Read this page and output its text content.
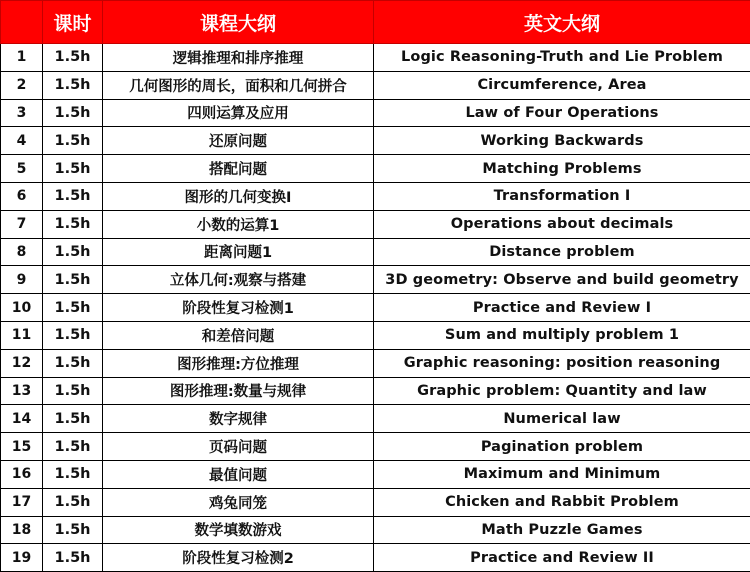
	课时	课程大纲	英文大纲
1	1.5h	逻辑推理和排序推理	Logic Reasoning-Truth and Lie Problem
2	1.5h	几何图形的周长，面积和几何拼合	Circumference, Area
3	1.5h	四则运算及应用	Law of Four Operations
4	1.5h	还原问题	Working Backwards
5	1.5h	搭配问题	Matching Problems
6	1.5h	图形的几何变换I	Transformation I
7	1.5h	小数的运算1	Operations about decimals
8	1.5h	距离问题1	Distance problem
9	1.5h	立体几何:观察与搭建	3D geometry: Observe and build geometry
10	1.5h	阶段性复习检测1	Practice and Review I
11	1.5h	和差倍问题	Sum and multiply problem 1
12	1.5h	图形推理:方位推理	Graphic reasoning: position reasoning
13	1.5h	图形推理:数量与规律	Graphic problem: Quantity and law
14	1.5h	数字规律	Numerical law
15	1.5h	页码问题	Pagination problem
16	1.5h	最值问题	Maximum and Minimum
17	1.5h	鸡兔同笼	Chicken and Rabbit Problem
18	1.5h	数学填数游戏	Math Puzzle Games
19	1.5h	阶段性复习检测2	Practice and Review II
